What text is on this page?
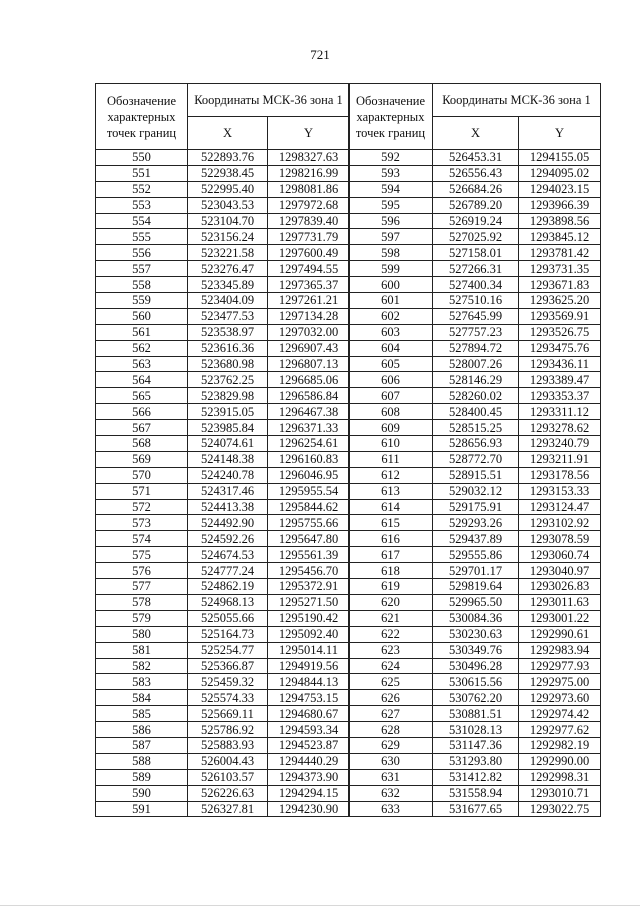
721
Обозначение характерных точек границ	Координаты МСК-36 зона 1	
	X	Y
550	522893.76	1298327.63
551	522938.45	1298216.99
552	522995.40	1298081.86
553	523043.53	1297972.68
554	523104.70	1297839.40
555	523156.24	1297731.79
556	523221.58	1297600.49
557	523276.47	1297494.55
558	523345.89	1297365.37
559	523404.09	1297261.21
560	523477.53	1297134.28
561	523538.97	1297032.00
562	523616.36	1296907.43
563	523680.98	1296807.13
564	523762.25	1296685.06
565	523829.98	1296586.84
566	523915.05	1296467.38
567	523985.84	1296371.33
568	524074.61	1296254.61
569	524148.38	1296160.83
570	524240.78	1296046.95
571	524317.46	1295955.54
572	524413.38	1295844.62
573	524492.90	1295755.66
574	524592.26	1295647.80
575	524674.53	1295561.39
576	524777.24	1295456.70
577	524862.19	1295372.91
578	524968.13	1295271.50
579	525055.66	1295190.42
580	525164.73	1295092.40
581	525254.77	1295014.11
582	525366.87	1294919.56
583	525459.32	1294844.13
584	525574.33	1294753.15
585	525669.11	1294680.67
586	525786.92	1294593.34
587	525883.93	1294523.87
588	526004.43	1294440.29
589	526103.57	1294373.90
590	526226.63	1294294.15
591	526327.81	1294230.90
Обозначение характерных точек границ	Координаты МСК-36 зона 1	
	X	Y
592	526453.31	1294155.05
593	526556.43	1294095.02
594	526684.26	1294023.15
595	526789.20	1293966.39
596	526919.24	1293898.56
597	527025.92	1293845.12
598	527158.01	1293781.42
599	527266.31	1293731.35
600	527400.34	1293671.83
601	527510.16	1293625.20
602	527645.99	1293569.91
603	527757.23	1293526.75
604	527894.72	1293475.76
605	528007.26	1293436.11
606	528146.29	1293389.47
607	528260.02	1293353.37
608	528400.45	1293311.12
609	528515.25	1293278.62
610	528656.93	1293240.79
611	528772.70	1293211.91
612	528915.51	1293178.56
613	529032.12	1293153.33
614	529175.91	1293124.47
615	529293.26	1293102.92
616	529437.89	1293078.59
617	529555.86	1293060.74
618	529701.17	1293040.97
619	529819.64	1293026.83
620	529965.50	1293011.63
621	530084.36	1293001.22
622	530230.63	1292990.61
623	530349.76	1292983.94
624	530496.28	1292977.93
625	530615.56	1292975.00
626	530762.20	1292973.60
627	530881.51	1292974.42
628	531028.13	1292977.62
629	531147.36	1292982.19
630	531293.80	1292990.00
631	531412.82	1292998.31
632	531558.94	1293010.71
633	531677.65	1293022.75
